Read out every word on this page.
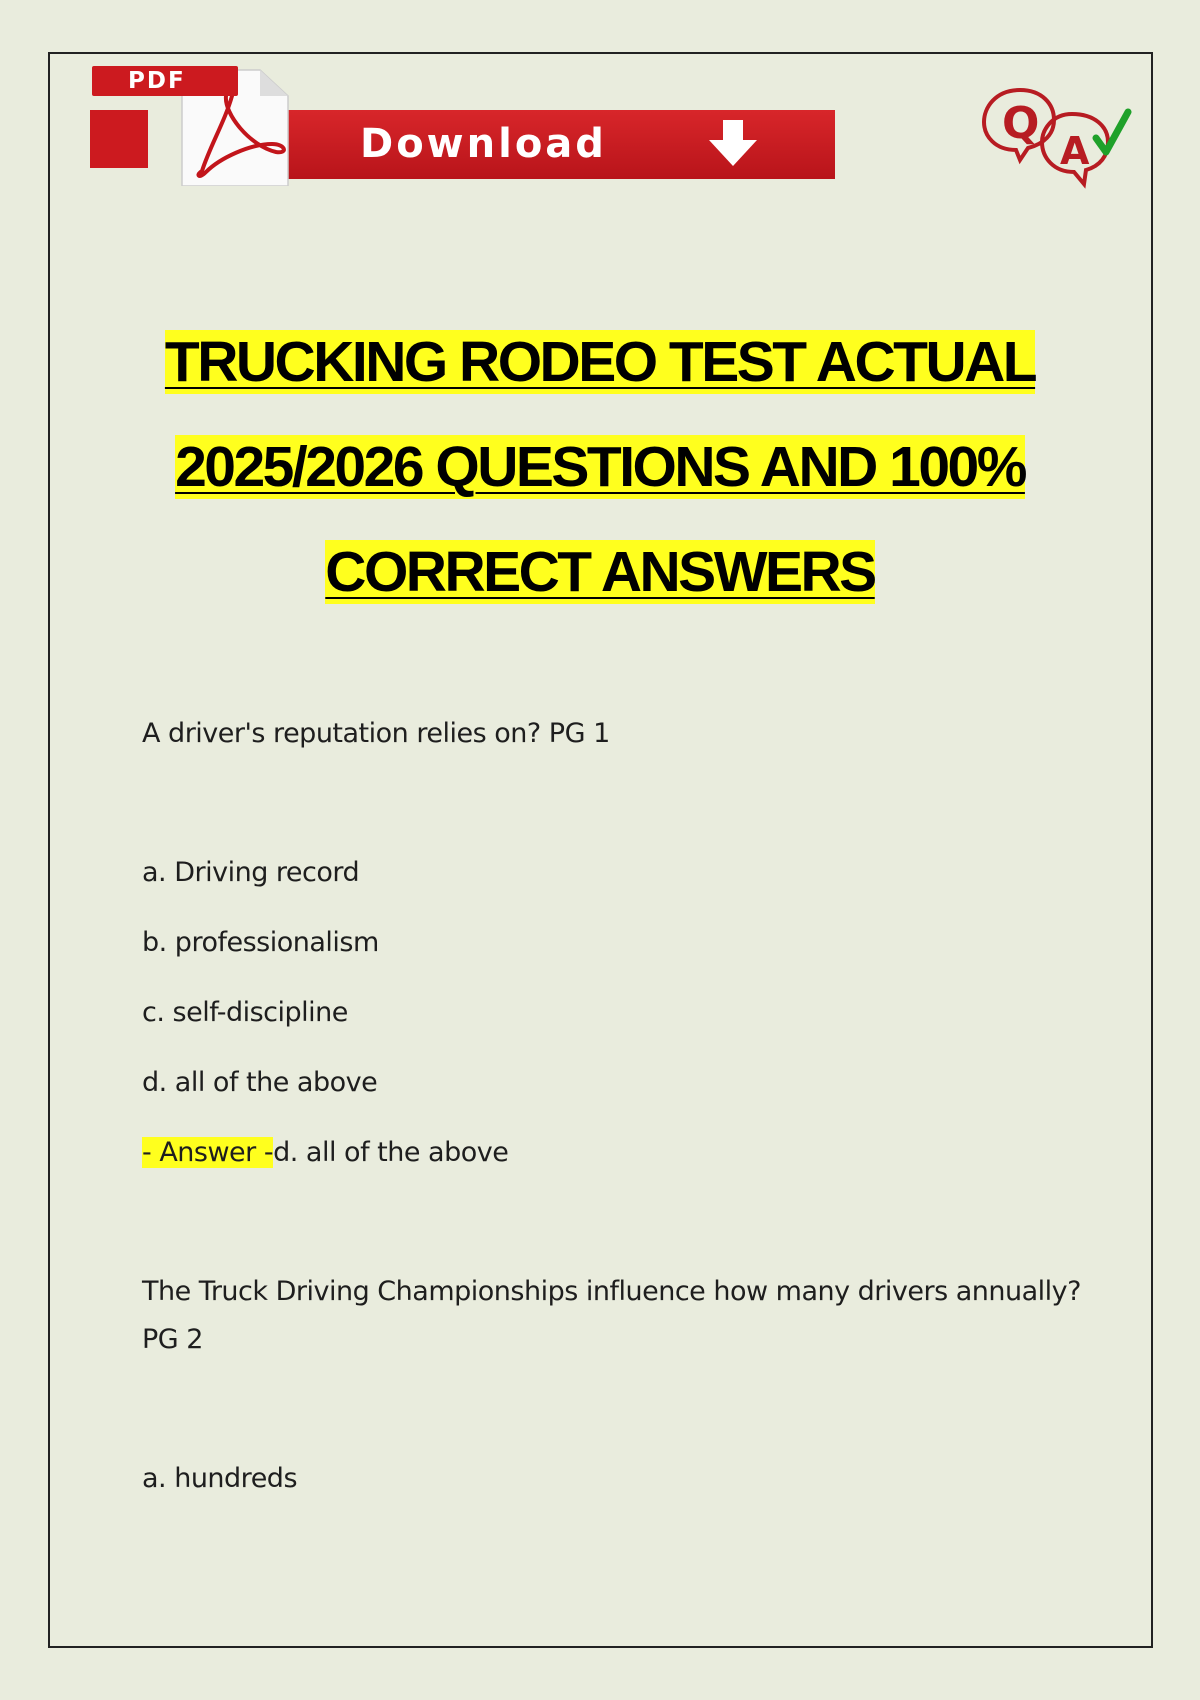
Download
PDF
Q
A
TRUCKING RODEO TEST ACTUAL
2025/2026 QUESTIONS AND 100%
CORRECT ANSWERS
A driver's reputation relies on? PG 1
a. Driving record
b. professionalism
c. self-discipline
d. all of the above
- Answer -d. all of the above
The Truck Driving Championships influence how many drivers annually?
PG 2
a. hundreds
